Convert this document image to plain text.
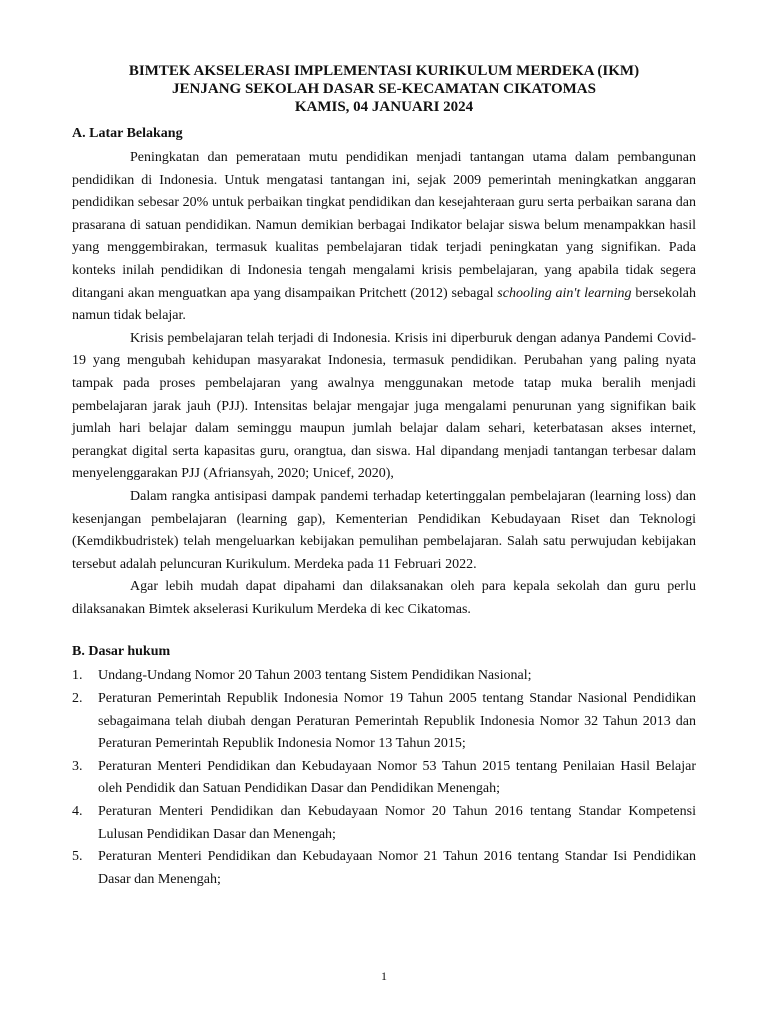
BIMTEK AKSELERASI IMPLEMENTASI KURIKULUM MERDEKA (IKM)

JENJANG SEKOLAH DASAR SE-KECAMATAN CIKATOMAS

KAMIS, 04 JANUARI 2024

A. Latar Belakang

Peningkatan dan pemerataan mutu pendidikan menjadi tantangan utama dalam pembangunan pendidikan di Indonesia. Untuk mengatasi tantangan ini, sejak 2009 pemerintah meningkatkan anggaran pendidikan sebesar 20% untuk perbaikan tingkat pendidikan dan kesejahteraan guru serta perbaikan sarana dan prasarana di satuan pendidikan. Namun demikian berbagai Indikator belajar siswa belum menampakkan hasil yang menggembirakan, termasuk kualitas pembelajaran tidak terjadi peningkatan yang signifikan. Pada konteks inilah pendidikan di Indonesia tengah mengalami krisis pembelajaran, yang apabila tidak segera ditangani akan menguatkan apa yang disampaikan Pritchett (2012) sebagal schooling ain't learning bersekolah namun tidak belajar.

Krisis pembelajaran telah terjadi di Indonesia. Krisis ini diperburuk dengan adanya Pandemi Covid-19 yang mengubah kehidupan masyarakat Indonesia, termasuk pendidikan. Perubahan yang paling nyata tampak pada proses pembelajaran yang awalnya menggunakan metode tatap muka beralih menjadi pembelajaran jarak jauh (PJJ). Intensitas belajar mengajar juga mengalami penurunan yang signifikan baik jumlah hari belajar dalam seminggu maupun jumlah belajar dalam sehari, keterbatasan akses internet, perangkat digital serta kapasitas guru, orangtua, dan siswa. Hal dipandang menjadi tantangan terbesar dalam menyelenggarakan PJJ (Afriansyah, 2020; Unicef, 2020),

Dalam rangka antisipasi dampak pandemi terhadap ketertinggalan pembelajaran (learning loss) dan kesenjangan pembelajaran (learning gap), Kementerian Pendidikan Kebudayaan Riset dan Teknologi (Kemdikbudristek) telah mengeluarkan kebijakan pemulihan pembelajaran. Salah satu perwujudan kebijakan tersebut adalah peluncuran Kurikulum. Merdeka pada 11 Februari 2022.

Agar lebih mudah dapat dipahami dan dilaksanakan oleh para kepala sekolah dan guru perlu dilaksanakan Bimtek akselerasi Kurikulum Merdeka di kec Cikatomas.

B. Dasar hukum
1.	Undang-Undang Nomor 20 Tahun 2003 tentang Sistem Pendidikan Nasional;
2.	Peraturan Pemerintah Republik Indonesia Nomor 19 Tahun 2005 tentang Standar Nasional Pendidikan sebagaimana telah diubah dengan Peraturan Pemerintah Republik Indonesia Nomor 32 Tahun 2013 dan Peraturan Pemerintah Republik Indonesia Nomor 13 Tahun 2015;
3.	Peraturan Menteri Pendidikan dan Kebudayaan Nomor 53 Tahun 2015 tentang Penilaian Hasil Belajar oleh Pendidik dan Satuan Pendidikan Dasar dan Pendidikan Menengah;
4.	Peraturan Menteri Pendidikan dan Kebudayaan Nomor 20 Tahun 2016 tentang Standar Kompetensi Lulusan Pendidikan Dasar dan Menengah;
5.	Peraturan Menteri Pendidikan dan Kebudayaan Nomor 21 Tahun 2016 tentang Standar Isi Pendidikan Dasar dan Menengah;
1
